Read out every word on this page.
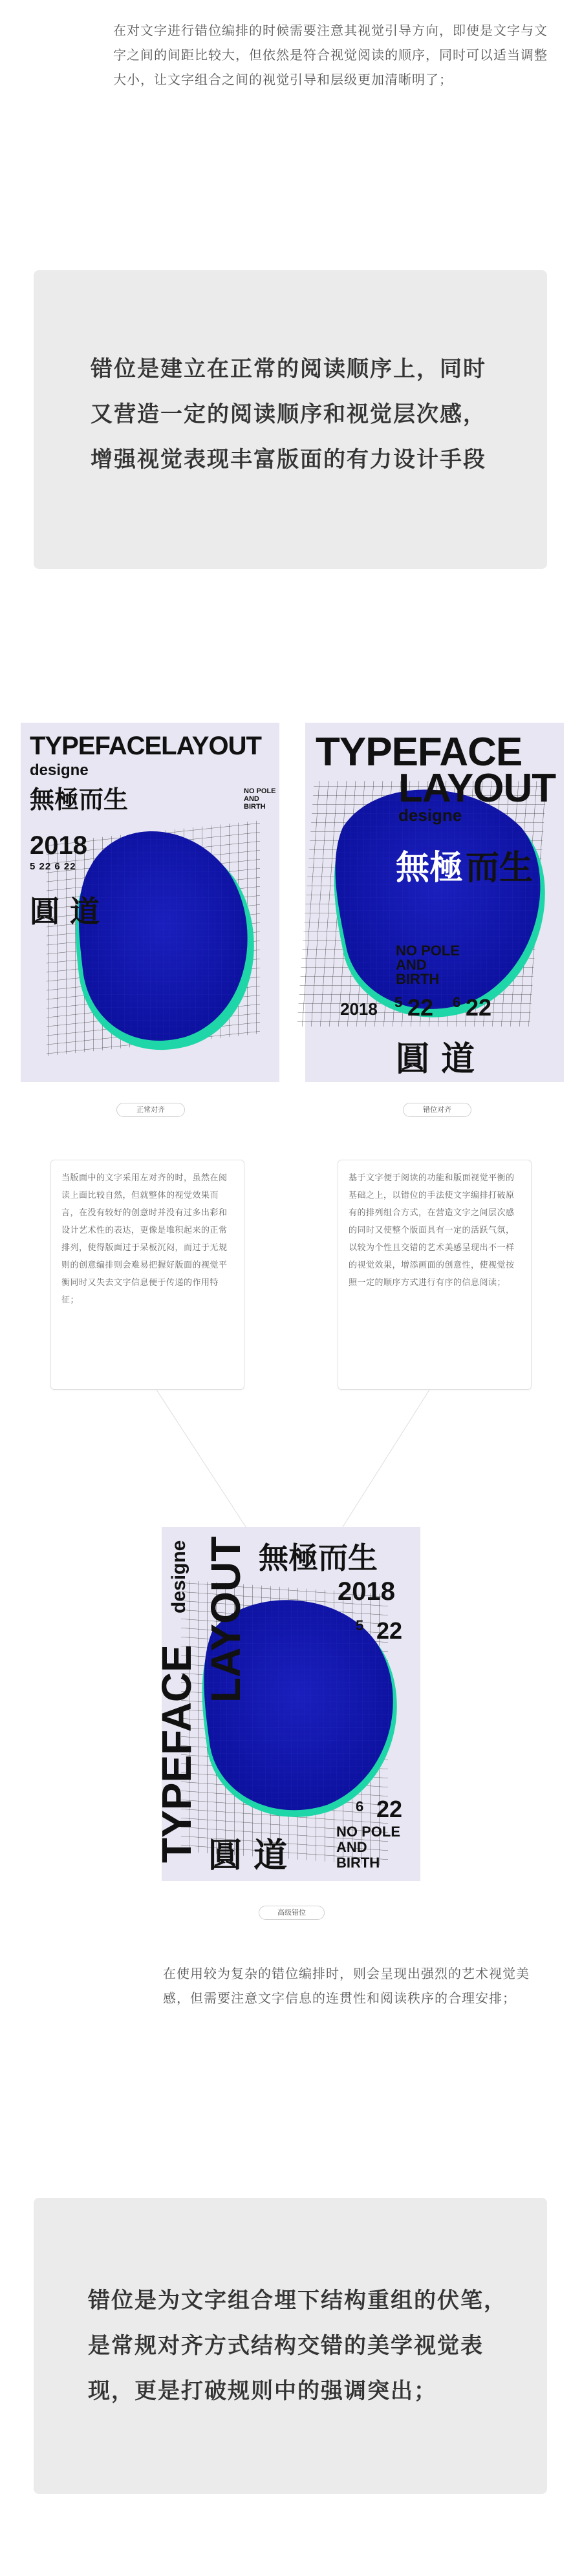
在对文字进行错位编排的时候需要注意其视觉引导方向，即使是文字与文字之间的间距比较大，但依然是符合视觉阅读的顺序，同时可以适当调整大小，让文字组合之间的视觉引导和层级更加清晰明了；
错位是建立在正常的阅读顺序上，同时
又营造一定的阅读顺序和视觉层次感，
增强视觉表现丰富版面的有力设计手段
TYPEFACELAYOUT
designe
無極而生	NO POLE
AND
BIRTH
2018
5 22 6 22
圓 道
TYPEFACE
LAYOUT
designe
無極 而生
NO POLE
AND
BIRTH
2018 5 22 6 22
圓 道
正常对齐	错位对齐
当版面中的文字采用左对齐的时，虽然在阅读上面比较自然，但就整体的视觉效果而言，在没有较好的创意时并没有过多出彩和设计艺术性的表达，更像是堆积起来的正常排列，使得版面过于呆板沉闷，而过于无规则的创意编排则会难易把握好版面的视觉平衡同时又失去文字信息便于传递的作用特征；
基于文字便于阅读的功能和版面视觉平衡的基础之上，以错位的手法使文字编排打破原有的排列组合方式，在营造文字之间层次感的同时又使整个版面具有一定的活跃气氛，以较为个性且交错的艺术美感呈现出不一样的视觉效果，增添画面的创意性，使视觉按照一定的顺序方式进行有序的信息阅读；
無極而生
2018
5 22
TYPEFACE
LAYOUT
designe
6 22
NO POLE
AND
BIRTH
圓 道
高级错位
在使用较为复杂的错位编排时，则会呈现出强烈的艺术视觉美感，但需要注意文字信息的连贯性和阅读秩序的合理安排；
错位是为文字组合埋下结构重组的伏笔，
是常规对齐方式结构交错的美学视觉表
现，更是打破规则中的强调突出；
